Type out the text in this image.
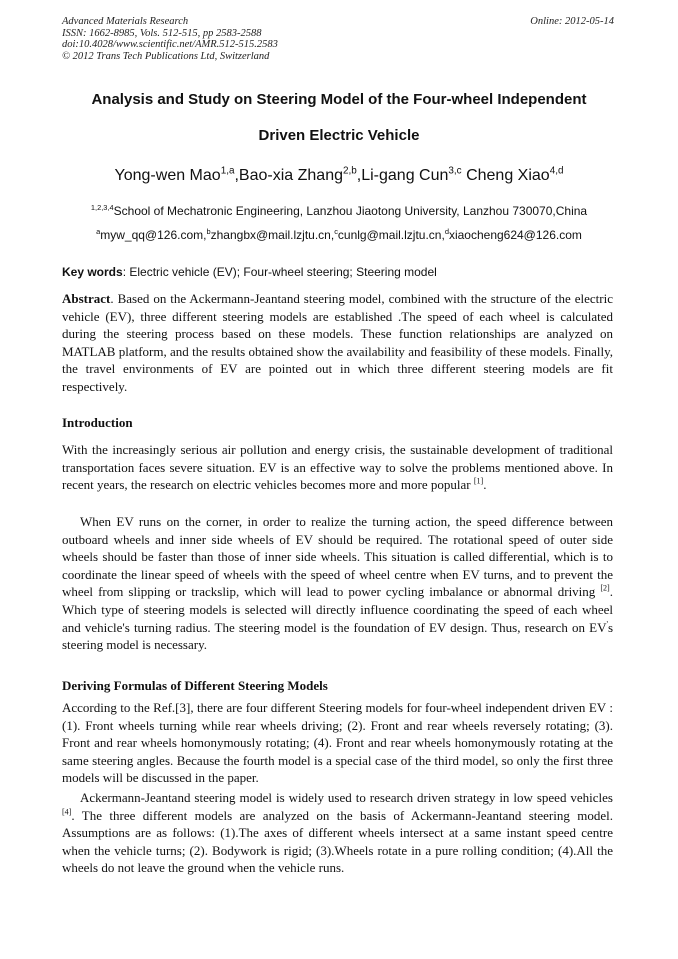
Advanced Materials Research
ISSN: 1662-8985, Vols. 512-515, pp 2583-2588
doi:10.4028/www.scientific.net/AMR.512-515.2583
© 2012 Trans Tech Publications Ltd, Switzerland
Online: 2012-05-14
Analysis and Study on Steering Model of the Four-wheel Independent
Driven Electric Vehicle
Yong-wen Mao$^{1,a}$,Bao-xia Zhang$^{2,b}$,Li-gang Cun$^{3,c}$ Cheng Xiao$^{4,d}$
$^{1,2,3,4}$School of Mechatronic Engineering, Lanzhou Jiaotong University, Lanzhou 730070,China
$^a$myw_qq@126.com,$^b$zhangbx@mail.lzjtu.cn,$^c$cunlg@mail.lzjtu.cn,$^d$xiaocheng624@126.com
Key words: Electric vehicle (EV); Four-wheel steering; Steering model
Abstract. Based on the Ackermann-Jeantand steering model, combined with the structure of the electric vehicle (EV), three different steering models are established .The speed of each wheel is calculated during the steering process based on these models. These function relationships are analyzed on MATLAB platform, and the results obtained show the availability and feasibility of these models. Finally, the travel environments of EV are pointed out in which three different steering models are fit respectively.
Introduction
With the increasingly serious air pollution and energy crisis, the sustainable development of traditional transportation faces severe situation. EV is an effective way to solve the problems mentioned above. In recent years, the research on electric vehicles becomes more and more popular [1].
When EV runs on the corner, in order to realize the turning action, the speed difference between outboard wheels and inner side wheels of EV should be required. The rotational speed of outer side wheels should be faster than those of inner side wheels. This situation is called differential, which is to coordinate the linear speed of wheels with the speed of wheel centre when EV turns, and to prevent the wheel from slipping or trackslip, which will lead to power cycling imbalance or abnormal driving [2]. Which type of steering models is selected will directly influence coordinating the speed of each wheel and vehicle's turning radius. The steering model is the foundation of EV design. Thus, research on EV's steering model is necessary.
Deriving Formulas of Different Steering Models
According to the Ref.[3], there are four different Steering models for four-wheel independent driven EV :(1). Front wheels turning while rear wheels driving; (2). Front and rear wheels reversely rotating; (3). Front and rear wheels homonymously rotating; (4). Front and rear wheels homonymously rotating at the same steering angles. Because the fourth model is a special case of the third model, so only the first three models will be discussed in the paper.
Ackermann-Jeantand steering model is widely used to research driven strategy in low speed vehicles [4]. The three different models are analyzed on the basis of Ackermann-Jeantand steering model. Assumptions are as follows: (1).The axes of different wheels intersect at a same instant speed centre when the vehicle turns; (2). Bodywork is rigid; (3).Wheels rotate in a pure rolling condition; (4).All the wheels do not leave the ground when the vehicle runs.
